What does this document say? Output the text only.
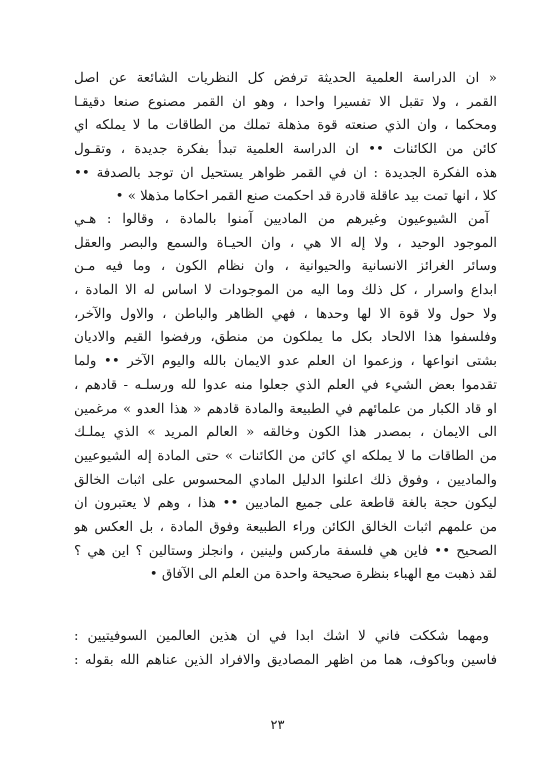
« ان الدراسة العلمية الحديثة ترفض كل النظريات الشائعة عن اصل
القمر ، ولا تقبل الا تفسيرا واحدا ، وهو ان القمر مصنوع صنعا دقيقـا
ومحكما ، وان الذي صنعته قوة مذهلة تملك من الطاقات ما لا يملكه اي
كائن من الكائنات •• ان الدراسة العلمية تبدأ بفكرة جديدة ، وتقـول
هذه الفكرة الجديدة : ان في القمر ظواهر يستحيل ان توجد بالصدفة ••
كلا ، انها تمت بيد عاقلة قادرة قد احكمت صنع القمر احكاما مذهلا » •
آمن الشيوعيون وغيرهم من الماديين آمنوا بالمادة ، وقالوا : هـي
الموجود الوحيد ، ولا إله الا هي ، وان الحيـاة والسمع والبصر والعقل
وسائر الغرائز الانسانية والحيوانية ، وان نظام الكون ، وما فيه مـن
ابداع واسرار ، كل ذلك وما اليه من الموجودات لا اساس له الا المادة ،
ولا حول ولا قوة الا لها وحدها ، فهي الظاهر والباطن ، والاول والآخر،
وفلسفوا هذا الالحاد بكل ما يملكون من منطق، ورفضوا القيم والاديان
بشتى انواعها ، وزعموا ان العلم عدو الايمان بالله واليوم الآخر •• ولما
تقدموا بعض الشيء في العلم الذي جعلوا منه عدوا لله ورسلـه - قادهم ،
او قاد الكبار من علمائهم في الطبيعة والمادة قادهم « هذا العدو » مرغمين
الى الايمان ، بمصدر هذا الكون وخالقه « العالم المريد » الذي يملـك
من الطاقات ما لا يملكه اي كائن من الكائنات » حتى المادة إله الشيوعيين
والماديين ، وفوق ذلك اعلنوا الدليل المادي المحسوس على اثبات الخالق
ليكون حجة بالغة قاطعة على جميع الماديين •• هذا ، وهم لا يعتبرون ان
من علمهم اثبات الخالق الكائن وراء الطبيعة وفوق المادة ، بل العكس هو
الصحيح •• فاين هي فلسفة ماركس ولينين ، وانجلز وستالين ؟ اين هي ؟
لقد ذهبت مع الهباء بنظرة صحيحة واحدة من العلم الى الآفاق •
ومهما شككت فاني لا اشك ابدا في ان هذين العالمين السوفيتيين :
فاسين وباكوف، هما من اظهر المصاديق والافراد الذين عناهم الله بقوله :
٢٣
